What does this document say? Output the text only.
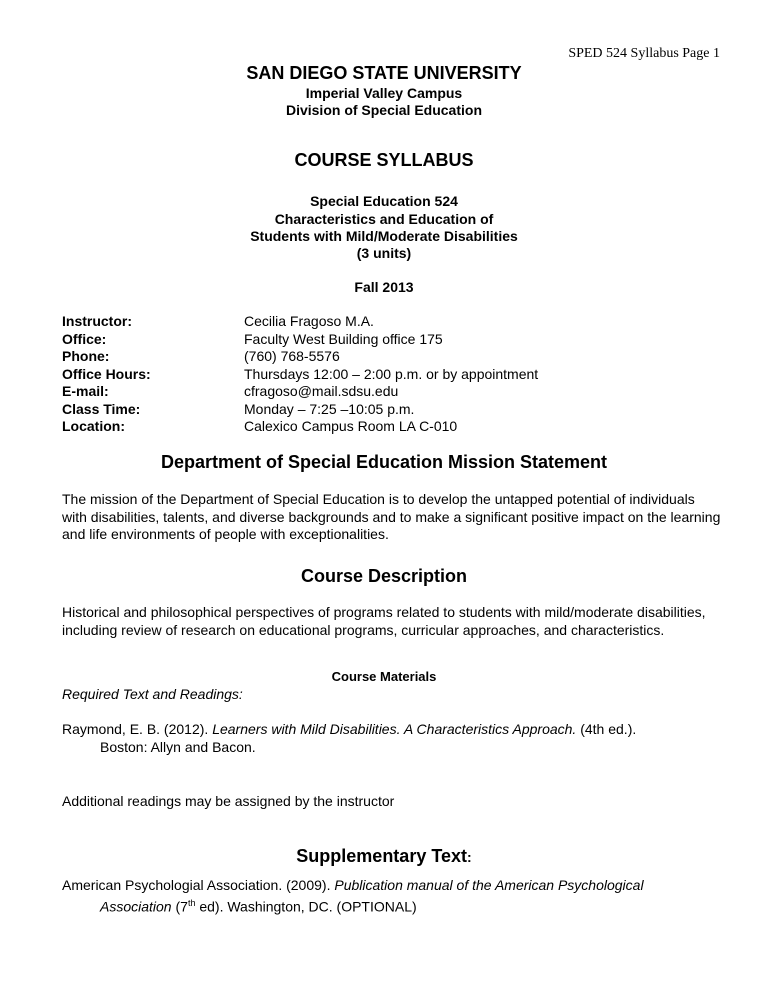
SPED 524 Syllabus Page 1
SAN DIEGO STATE UNIVERSITY
Imperial Valley Campus
Division of Special Education
COURSE SYLLABUS
Special Education 524
Characteristics and Education of
Students with Mild/Moderate Disabilities
(3 units)
Fall 2013
Instructor:	Cecilia Fragoso M.A.
Office:	Faculty West Building office 175
Phone:	(760) 768-5576
Office Hours:	Thursdays 12:00 – 2:00 p.m. or by appointment
E-mail:	cfragoso@mail.sdsu.edu
Class Time:	Monday – 7:25 –10:05 p.m.
Location:	Calexico Campus Room LA C-010
Department of Special Education Mission Statement
The mission of the Department of Special Education is to develop the untapped potential of individuals with disabilities, talents, and diverse backgrounds and to make a significant positive impact on the learning and life environments of people with exceptionalities.
Course Description
Historical and philosophical perspectives of programs related to students with mild/moderate disabilities, including review of research on educational programs, curricular approaches, and characteristics.
Course Materials
Required Text and Readings:
Raymond, E. B. (2012). Learners with Mild Disabilities. A Characteristics Approach. (4th ed.).
Boston: Allyn and Bacon.
Additional readings may be assigned by the instructor
Supplementary Text:
American Psychologial Association. (2009). Publication manual of the American Psychological
Association (7th ed). Washington, DC. (OPTIONAL)
